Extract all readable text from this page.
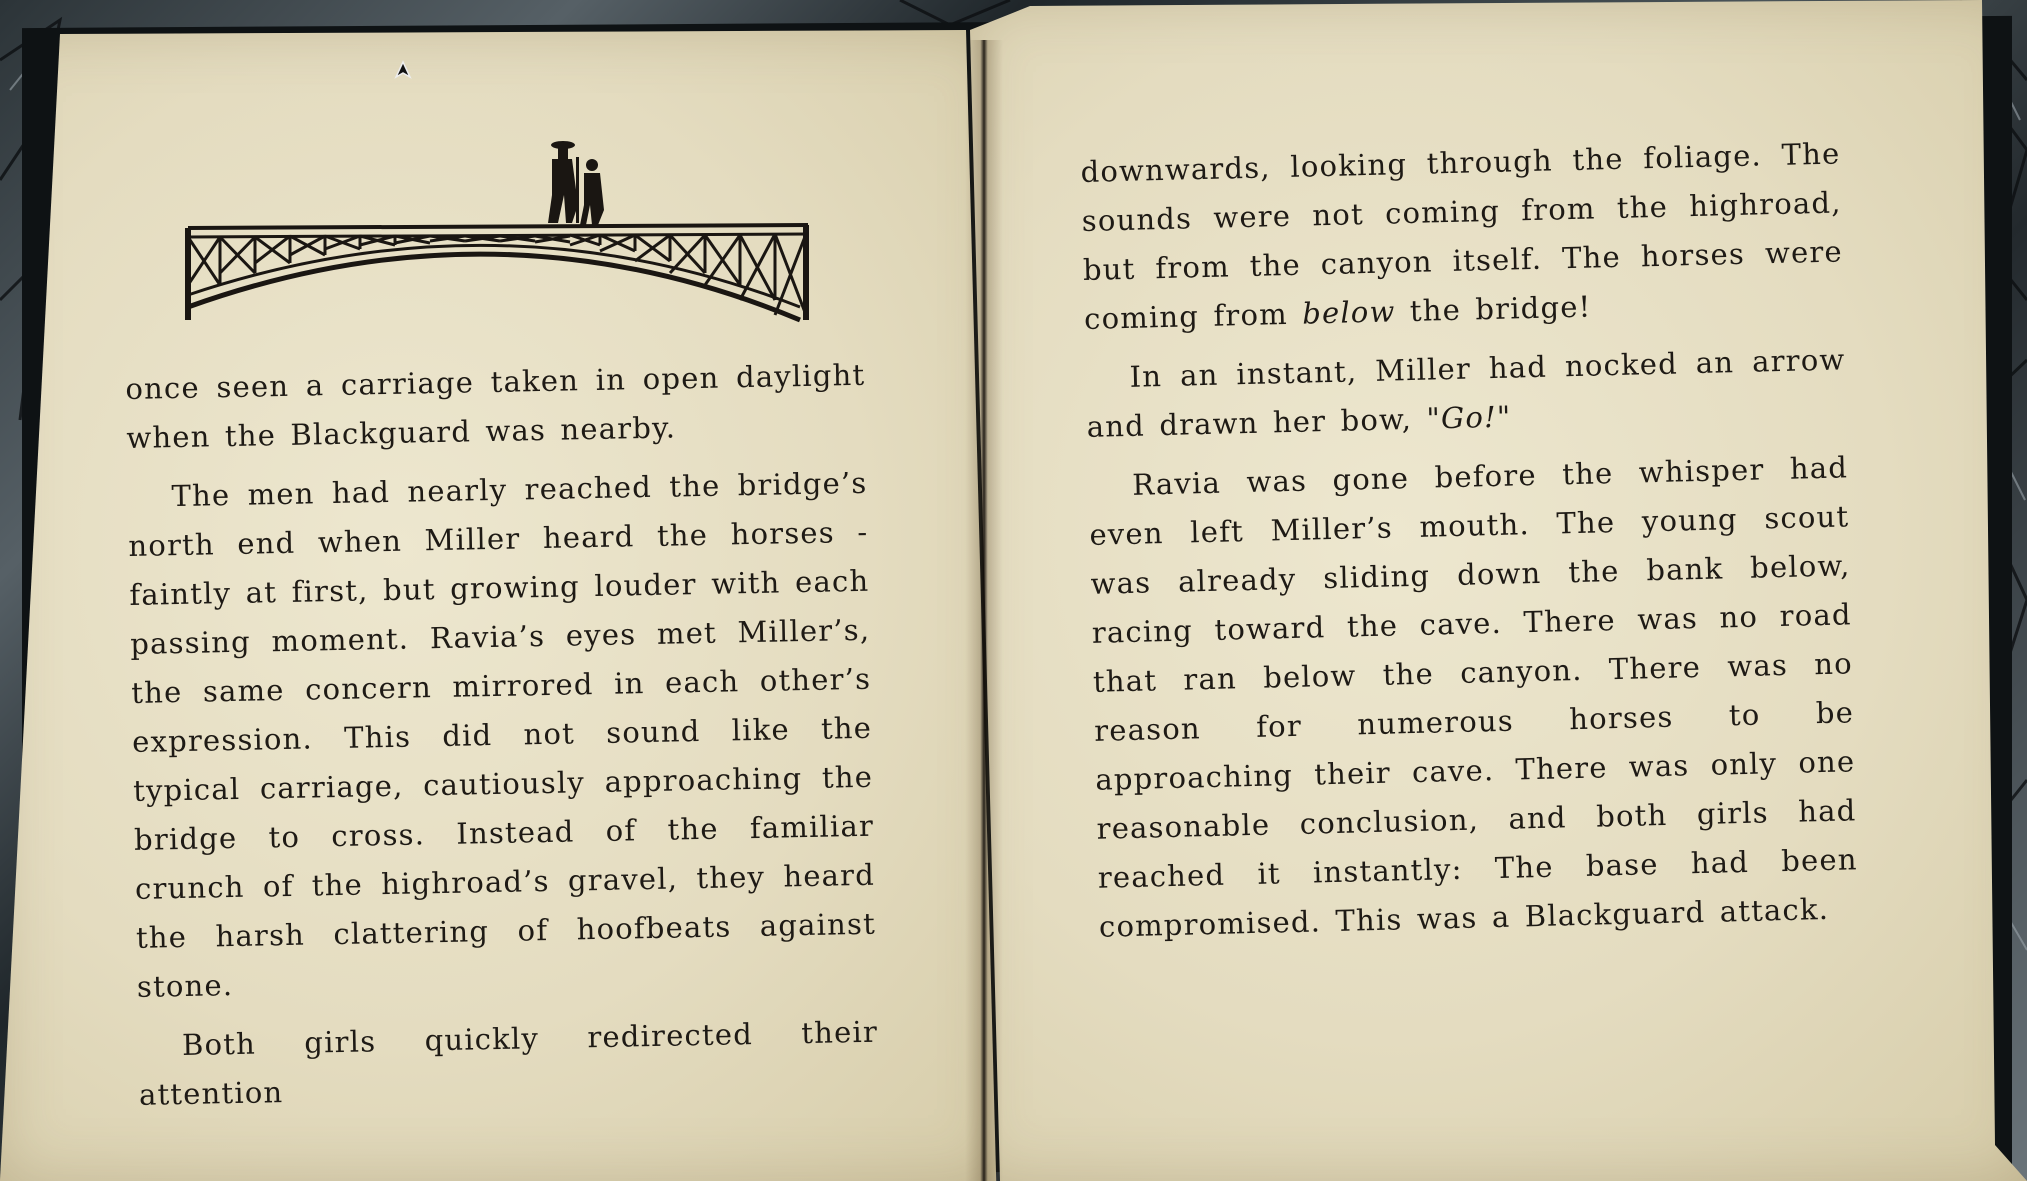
once seen a carriage taken in open daylight when the Blackguard was nearby.

The men had nearly reached the bridge’s north end when Miller heard the horses - faintly at first, but growing louder with each passing moment. Ravia’s eyes met Miller’s, the same concern mirrored in each other’s expression. This did not sound like the typical carriage, cautiously approaching the bridge to cross. Instead of the familiar crunch of the highroad’s gravel, they heard the harsh clattering of hoofbeats against stone.

Both girls quickly redirected their attention

downwards, looking through the foliage. The sounds were not coming from the highroad, but from the canyon itself. The horses were coming from below the bridge!

In an instant, Miller had nocked an arrow and drawn her bow, "Go!"

Ravia was gone before the whisper had even left Miller’s mouth. The young scout was already sliding down the bank below, racing toward the cave. There was no road that ran below the canyon. There was no reason for numerous horses to be approaching their cave. There was only one reasonable conclusion, and both girls had reached it instantly: The base had been compromised. This was a Blackguard attack.
